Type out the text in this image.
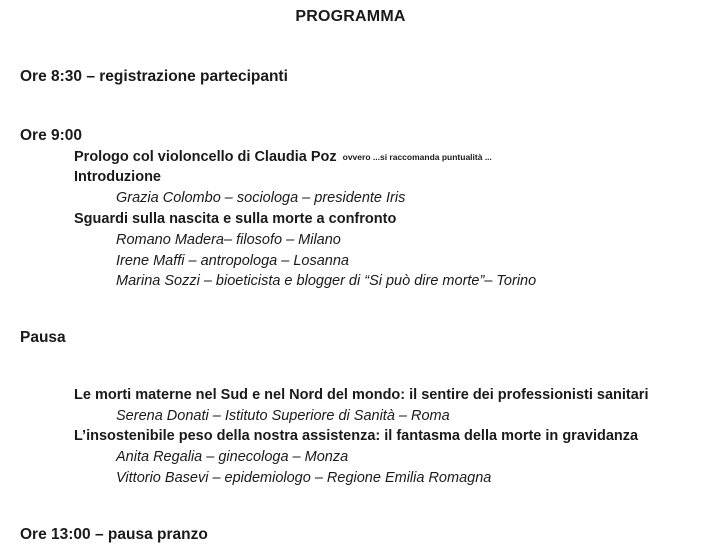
PROGRAMMA
Ore 8:30 – registrazione partecipanti
Ore 9:00
Prologo col violoncello di Claudia Poz ovvero ...si raccomanda puntualità ...
Introduzione
Grazia Colombo – sociologa – presidente Iris
Sguardi sulla nascita e sulla morte a confronto
Romano Madera– filosofo – Milano
Irene Maffi – antropologa – Losanna
Marina Sozzi – bioeticista e blogger di “Si può dire morte”– Torino
Pausa
Le morti materne nel Sud e nel Nord del mondo: il sentire dei professionisti sanitari
Serena Donati – Istituto Superiore di Sanità – Roma
L’insostenibile peso della nostra assistenza: il fantasma della morte in gravidanza
Anita Regalia – ginecologa – Monza
Vittorio Basevi – epidemiologo – Regione Emilia Romagna
Ore 13:00 – pausa pranzo
